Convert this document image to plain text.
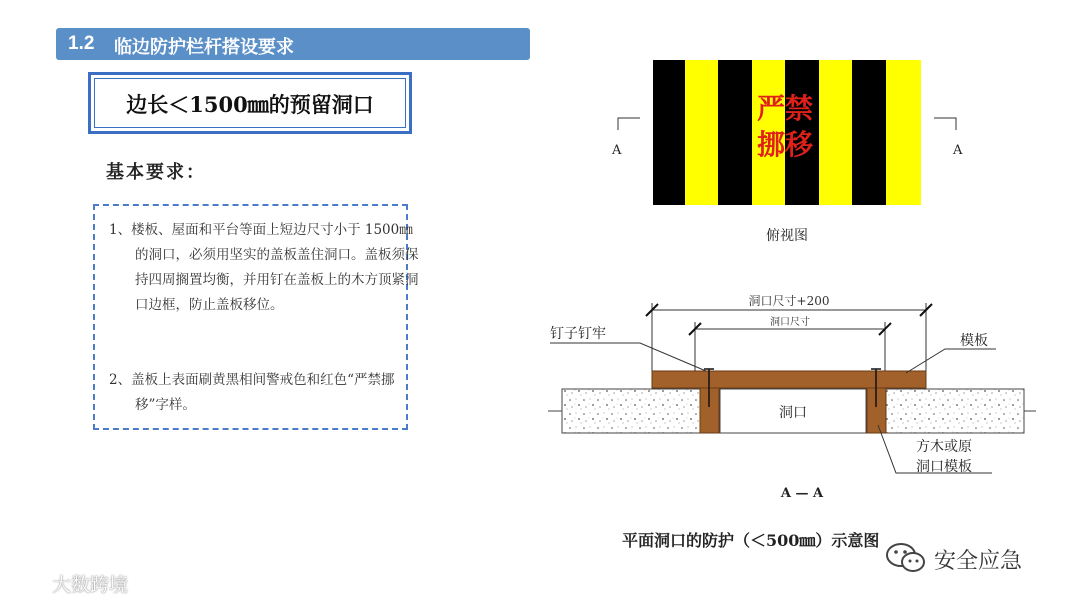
1.2 临边防护栏杆搭设要求
边长＜1500㎜的预留洞口
基本要求：
1、楼板、屋面和平台等面上短边尺寸小于 1500㎜ 的洞口，必须用坚实的盖板盖住洞口。盖板须保持四周搁置均衡，并用钉在盖板上的木方顶紧洞口边框，防止盖板移位。
2、盖板上表面刷黄黑相间警戒色和红色“严禁挪移”字样。
严禁
挪移
A	A
俯视图
洞口
洞口尺寸+200
洞口尺寸
钉子钉牢	模板
方木或原
洞口模板
A — A
平面洞口的防护（＜500㎜）示意图
大数跨境
安全应急
